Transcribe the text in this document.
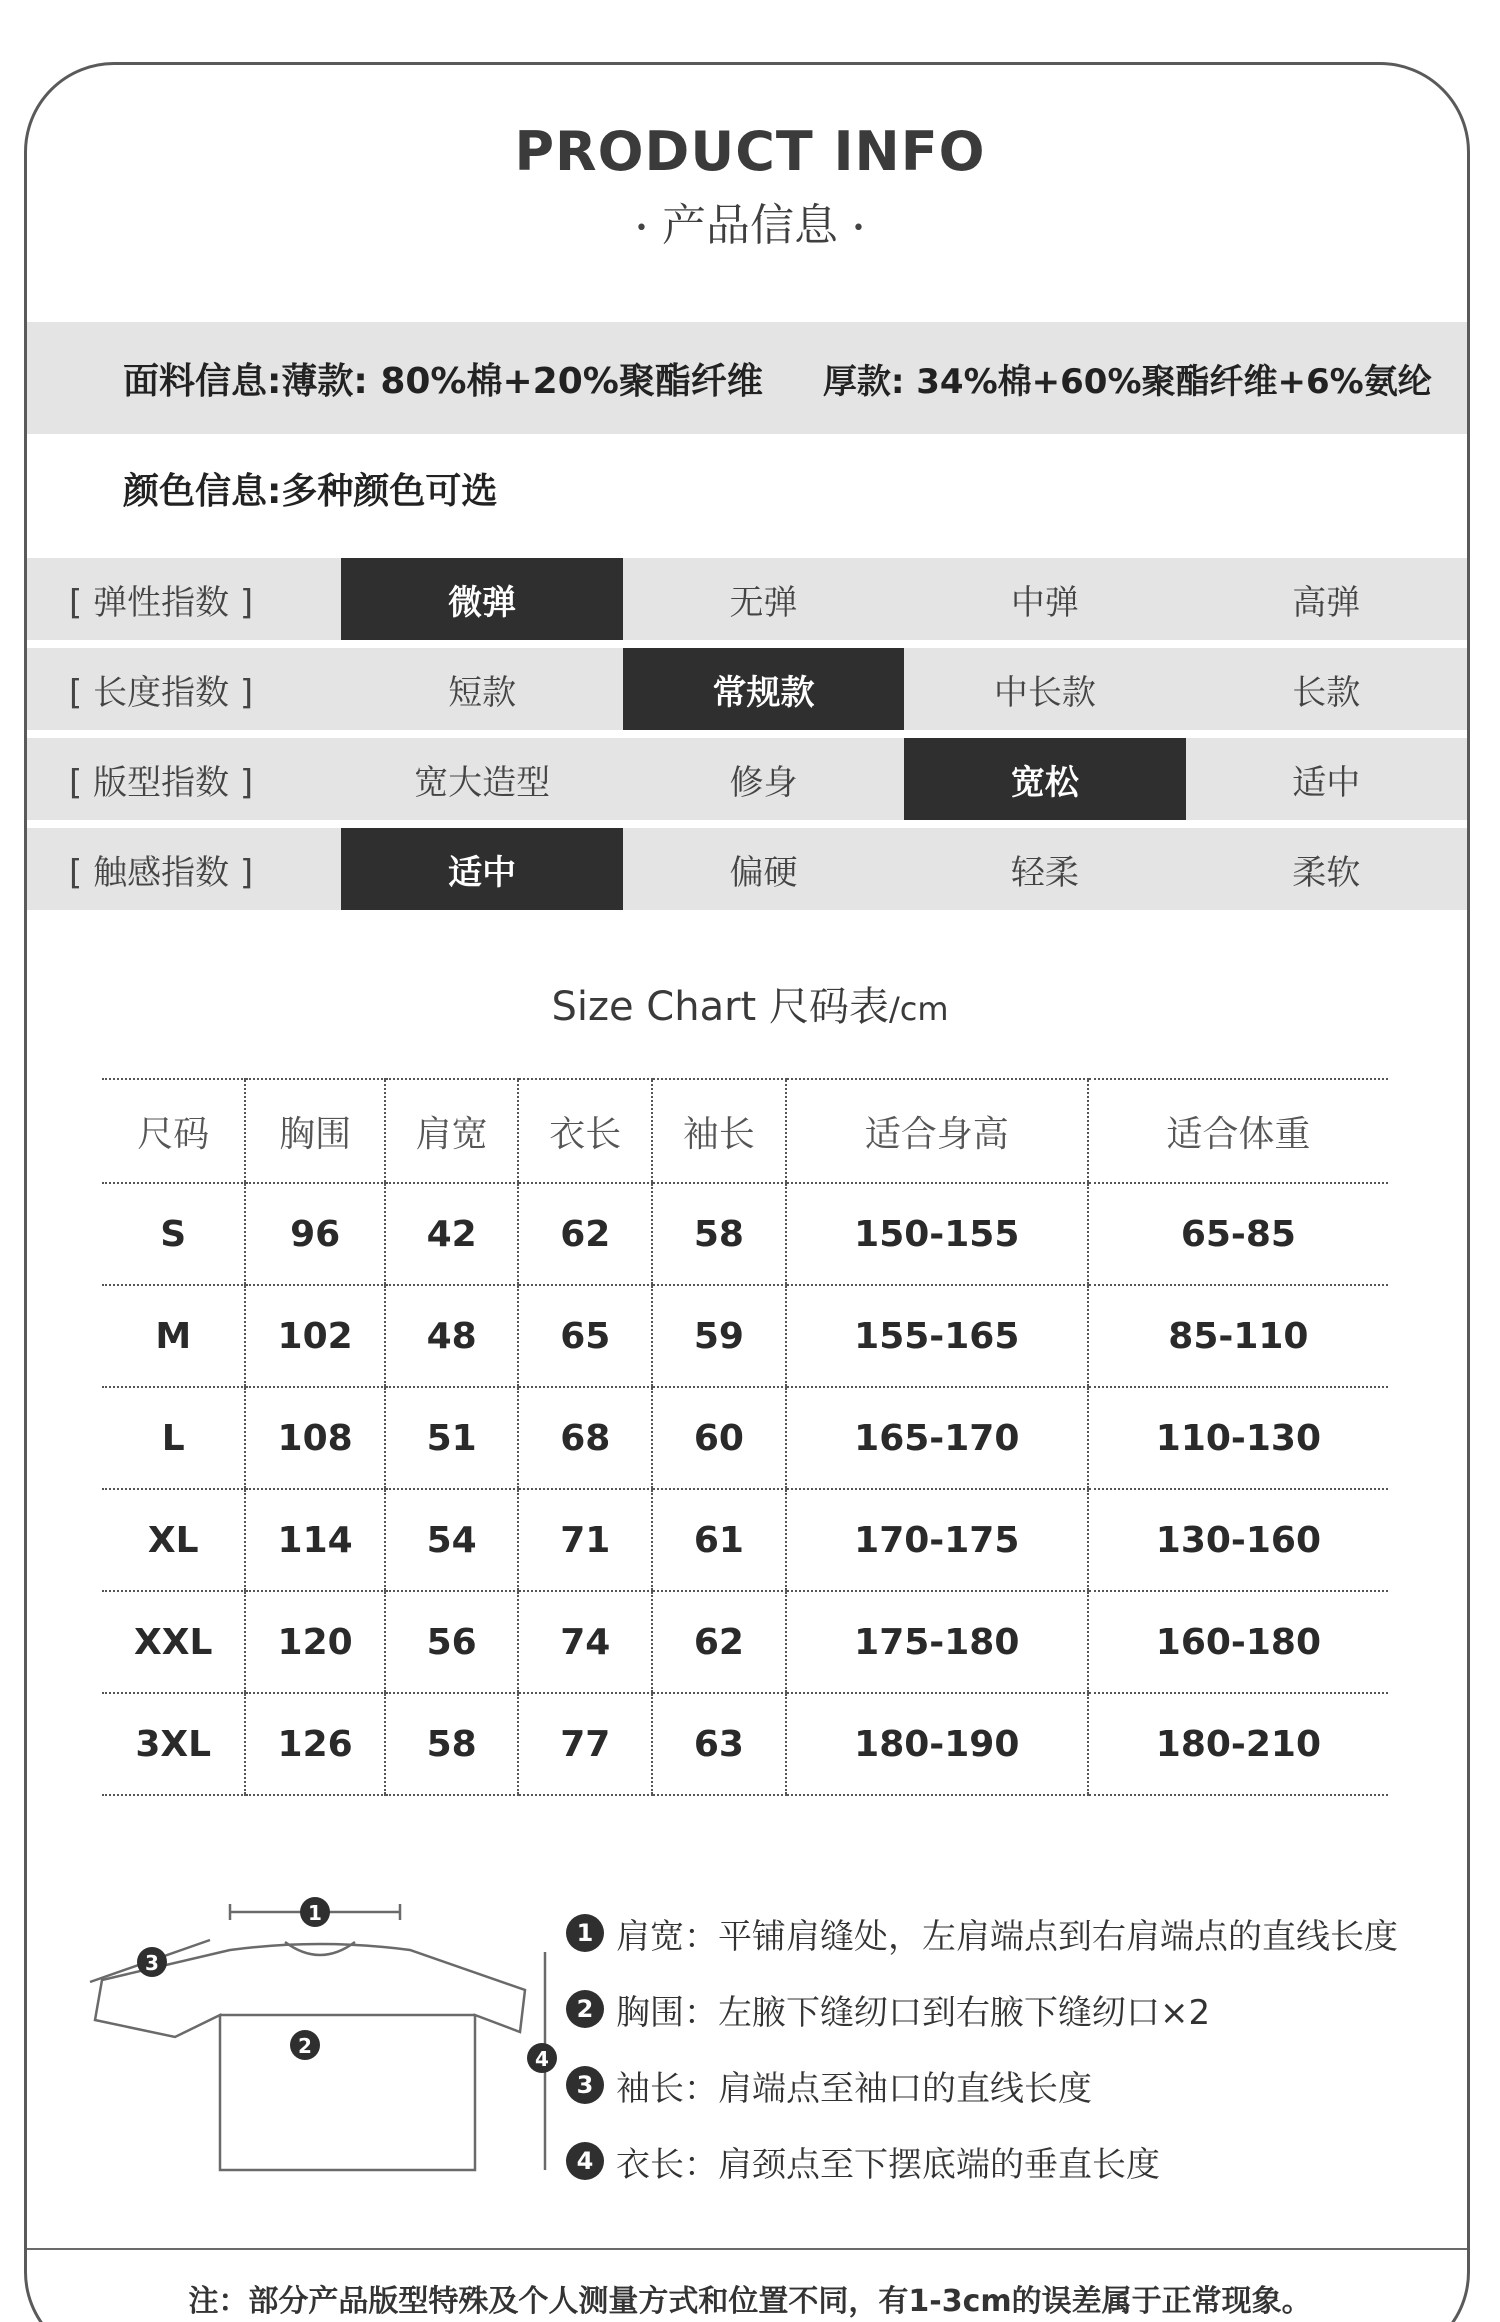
PRODUCT INFO
• 产品信息 •
面料信息: 薄款: 80%棉+20%聚酯纤维 厚款: 34%棉+60%聚酯纤维+6%氨纶
颜色信息: 多种颜色可选
[ 弹性指数 ]	微弹	无弹	中弹	高弹
[ 长度指数 ]	短款	常规款	中长款	长款
[ 版型指数 ]	宽大造型	修身	宽松	适中
[ 触感指数 ]	适中	偏硬	轻柔	柔软
Size Chart 尺码表/cm
尺码	胸围	肩宽	衣长	袖长	适合身高	适合体重
S	96	42	62	58	150-155	65-85
M	102	48	65	59	155-165	85-110
L	108	51	68	60	165-170	110-130
XL	114	54	71	61	170-175	130-160
XXL	120	56	74	62	175-180	160-180
3XL	126	58	77	63	180-190	180-210
1
2
3
4
1 肩宽：平铺肩缝处，左肩端点到右肩端点的直线长度
2 胸围：左腋下缝纫口到右腋下缝纫口×2
3 袖长：肩端点至袖口的直线长度
4 衣长：肩颈点至下摆底端的垂直长度
注：部分产品版型特殊及个人测量方式和位置不同，有1-3cm的误差属于正常现象。
